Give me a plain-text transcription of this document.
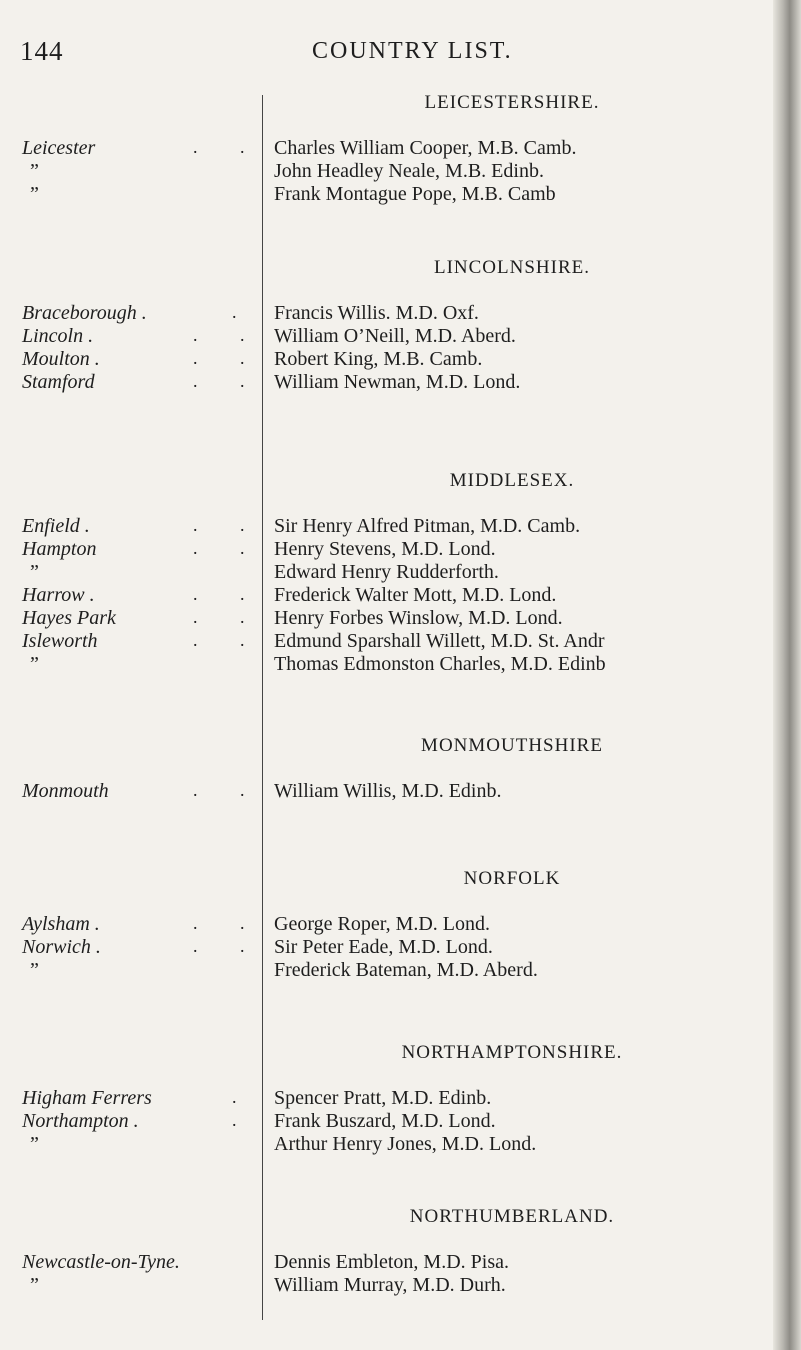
144	COUNTRY LIST.
LEICESTERSHIRE.
Leicester	. . Charles William Cooper, M.B. Camb.
”	John Headley Neale, M.B. Edinb.
”	Frank Montague Pope, M.B. Camb
LINCOLNSHIRE.
Braceborough .	. Francis Willis. M.D. Oxf.
Lincoln .	. . William O’Neill, M.D. Aberd.
Moulton .	. . Robert King, M.B. Camb.
Stamford	. . William Newman, M.D. Lond.
MIDDLESEX.
Enfield .	. . Sir Henry Alfred Pitman, M.D. Camb.
Hampton	. . Henry Stevens, M.D. Lond.
”	Edward Henry Rudderforth.
Harrow .	. . Frederick Walter Mott, M.D. Lond.
Hayes Park	. . Henry Forbes Winslow, M.D. Lond.
Isleworth	. . Edmund Sparshall Willett, M.D. St. Andr
”	Thomas Edmonston Charles, M.D. Edinb
MONMOUTHSHIRE
Monmouth	. . William Willis, M.D. Edinb.
NORFOLK
Aylsham .	. . George Roper, M.D. Lond.
Norwich .	. . Sir Peter Eade, M.D. Lond.
”	Frederick Bateman, M.D. Aberd.
NORTHAMPTONSHIRE.
Higham Ferrers	. Spencer Pratt, M.D. Edinb.
Northampton .	. Frank Buszard, M.D. Lond.
”	Arthur Henry Jones, M.D. Lond.
NORTHUMBERLAND.
Newcastle-on-Tyne.	Dennis Embleton, M.D. Pisa.
”	William Murray, M.D. Durh.
